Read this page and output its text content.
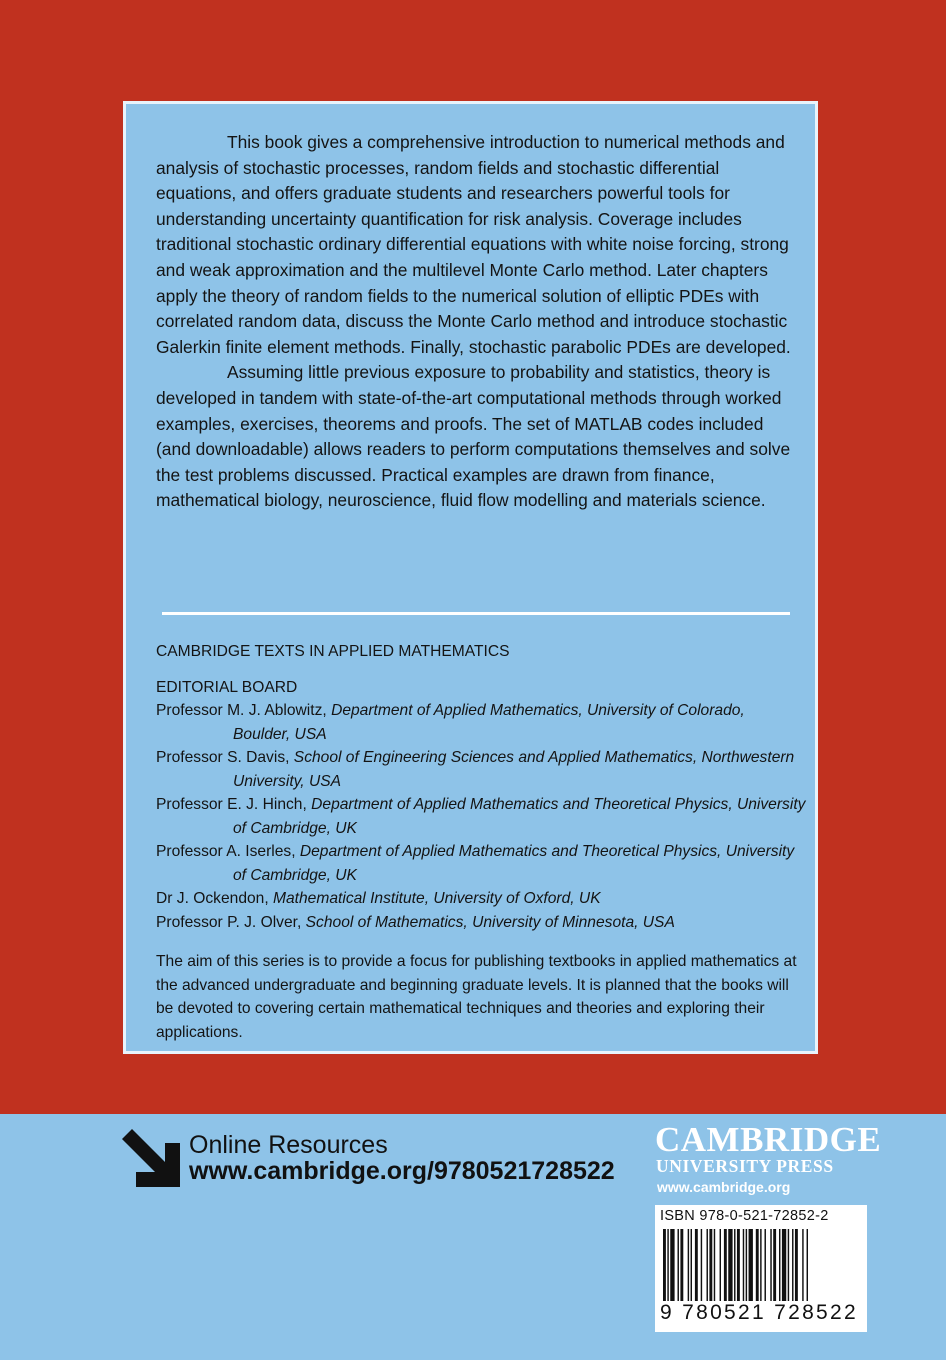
This book gives a comprehensive introduction to numerical methods and analysis of stochastic processes, random fields and stochastic differential equations, and offers graduate students and researchers powerful tools for understanding uncertainty quantification for risk analysis. Coverage includes traditional stochastic ordinary differential equations with white noise forcing, strong and weak approximation and the multilevel Monte Carlo method. Later chapters apply the theory of random fields to the numerical solution of elliptic PDEs with correlated random data, discuss the Monte Carlo method and introduce stochastic Galerkin finite element methods. Finally, stochastic parabolic PDEs are developed.

Assuming little previous exposure to probability and statistics, theory is developed in tandem with state-of-the-art computational methods through worked examples, exercises, theorems and proofs. The set of MATLAB codes included (and downloadable) allows readers to perform computations themselves and solve the test problems discussed. Practical examples are drawn from finance, mathematical biology, neuroscience, fluid flow modelling and materials science.

CAMBRIDGE TEXTS IN APPLIED MATHEMATICS
EDITORIAL BOARD
Professor M. J. Ablowitz, Department of Applied Mathematics, University of Colorado, Boulder, USA
Professor S. Davis, School of Engineering Sciences and Applied Mathematics, Northwestern University, USA
Professor E. J. Hinch, Department of Applied Mathematics and Theoretical Physics, University of Cambridge, UK
Professor A. Iserles, Department of Applied Mathematics and Theoretical Physics, University of Cambridge, UK
Dr J. Ockendon, Mathematical Institute, University of Oxford, UK
Professor P. J. Olver, School of Mathematics, University of Minnesota, USA
The aim of this series is to provide a focus for publishing textbooks in applied mathematics at the advanced undergraduate and beginning graduate levels. It is planned that the books will be devoted to covering certain mathematical techniques and theories and exploring their applications.
Online Resources
www.cambridge.org/9780521728522
CAMBRIDGE
UNIVERSITY PRESS
www.cambridge.org
ISBN 978-0-521-72852-2
9 780521 728522
